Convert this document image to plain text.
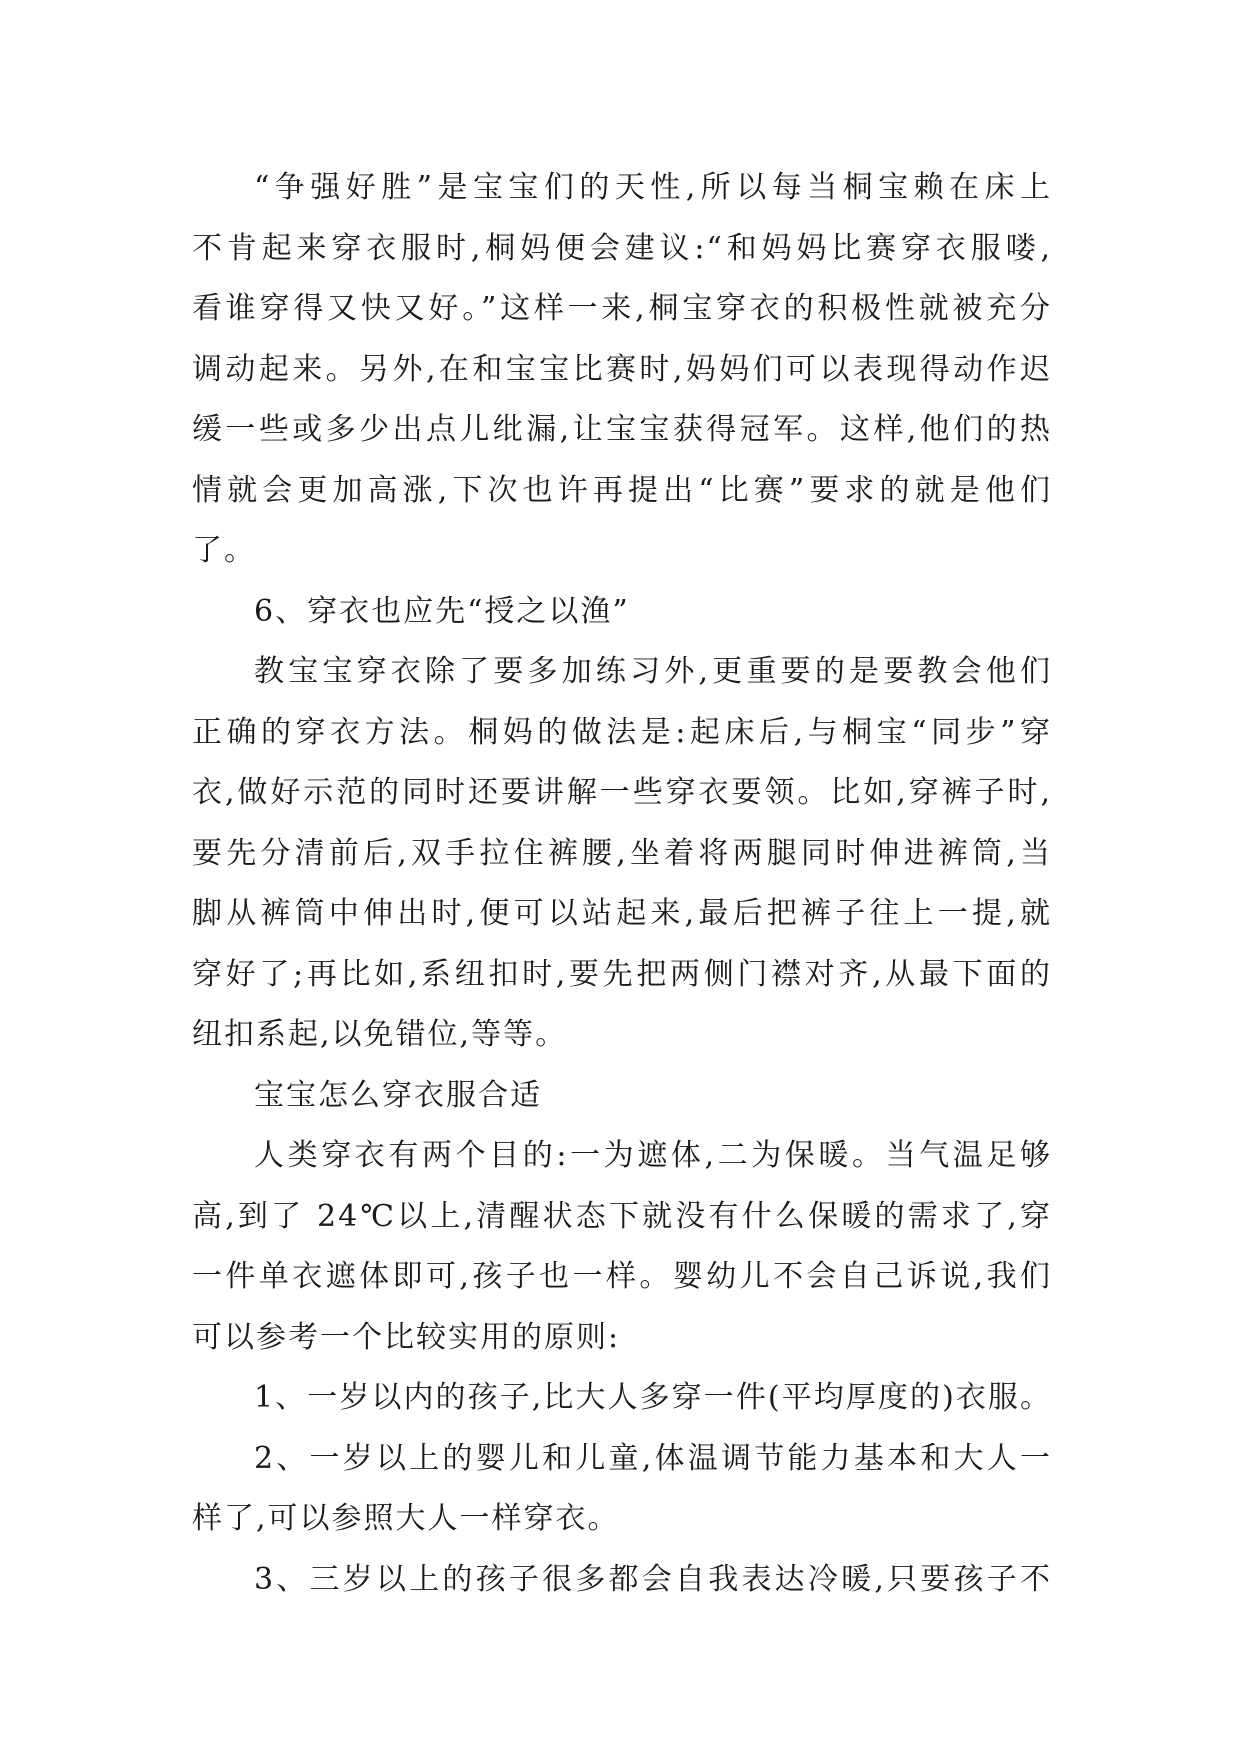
“争强好胜”是宝宝们的天性,所以每当桐宝赖在床上
不肯起来穿衣服时,桐妈便会建议:“和妈妈比赛穿衣服喽,
看谁穿得又快又好。”这样一来,桐宝穿衣的积极性就被充分
调动起来。另外,在和宝宝比赛时,妈妈们可以表现得动作迟
缓一些或多少出点儿纰漏,让宝宝获得冠军。这样,他们的热
情就会更加高涨,下次也许再提出“比赛”要求的就是他们
了。
6、穿衣也应先“授之以渔”
教宝宝穿衣除了要多加练习外,更重要的是要教会他们
正确的穿衣方法。桐妈的做法是:起床后,与桐宝“同步”穿
衣,做好示范的同时还要讲解一些穿衣要领。比如,穿裤子时,
要先分清前后,双手拉住裤腰,坐着将两腿同时伸进裤筒,当
脚从裤筒中伸出时,便可以站起来,最后把裤子往上一提,就
穿好了;再比如,系纽扣时,要先把两侧门襟对齐,从最下面的
纽扣系起,以免错位,等等。
宝宝怎么穿衣服合适
人类穿衣有两个目的:一为遮体,二为保暖。当气温足够
高,到了 24℃以上,清醒状态下就没有什么保暖的需求了,穿
一件单衣遮体即可,孩子也一样。婴幼儿不会自己诉说,我们
可以参考一个比较实用的原则:
1、一岁以内的孩子,比大人多穿一件(平均厚度的)衣服。
2、一岁以上的婴儿和儿童,体温调节能力基本和大人一
样了,可以参照大人一样穿衣。
3、三岁以上的孩子很多都会自我表达冷暖,只要孩子不
